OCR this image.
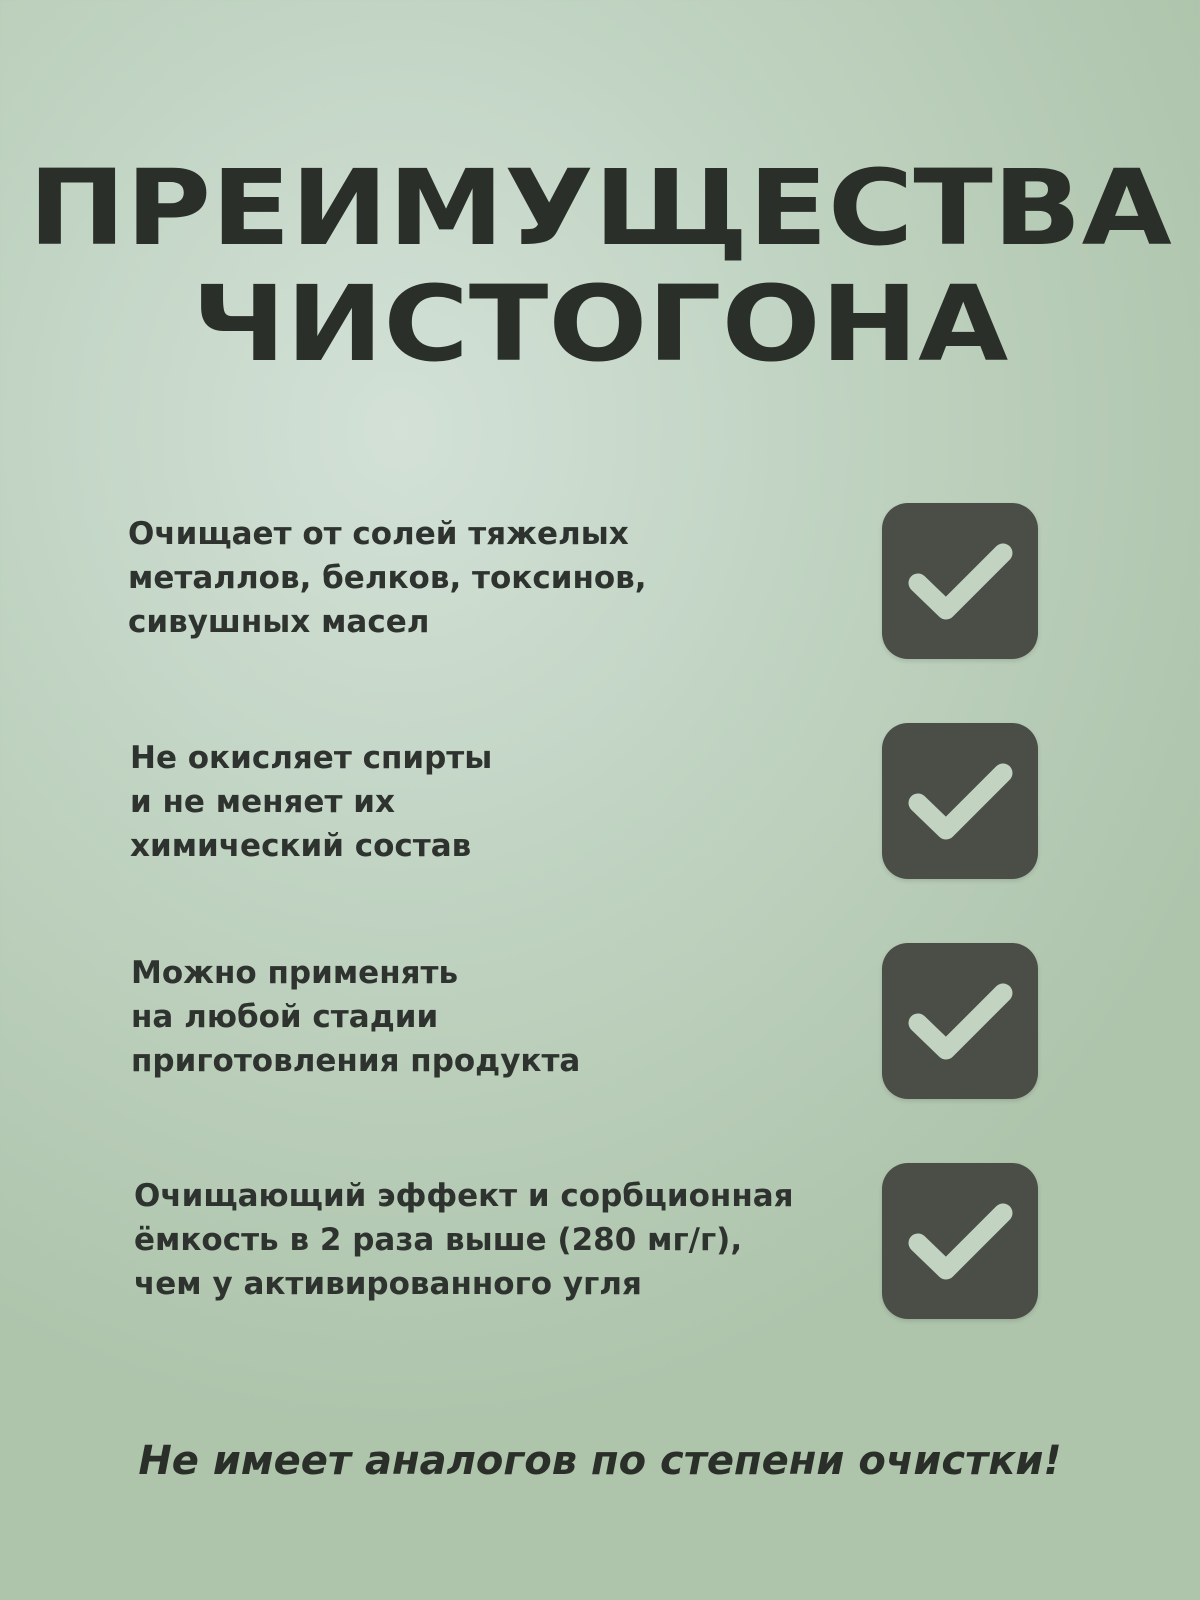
ПРЕИМУЩЕСТВА
ЧИСТОГОНА

Очищает от солей тяжелых
металлов, белков, токсинов,
сивушных масел

Не окисляет спирты
и не меняет их
химический состав

Можно применять
на любой стадии
приготовления продукта

Очищающий эффект и сорбционная
ёмкость в 2 раза выше (280 мг/г),
чем у активированного угля

Не имеет аналогов по степени очистки!
